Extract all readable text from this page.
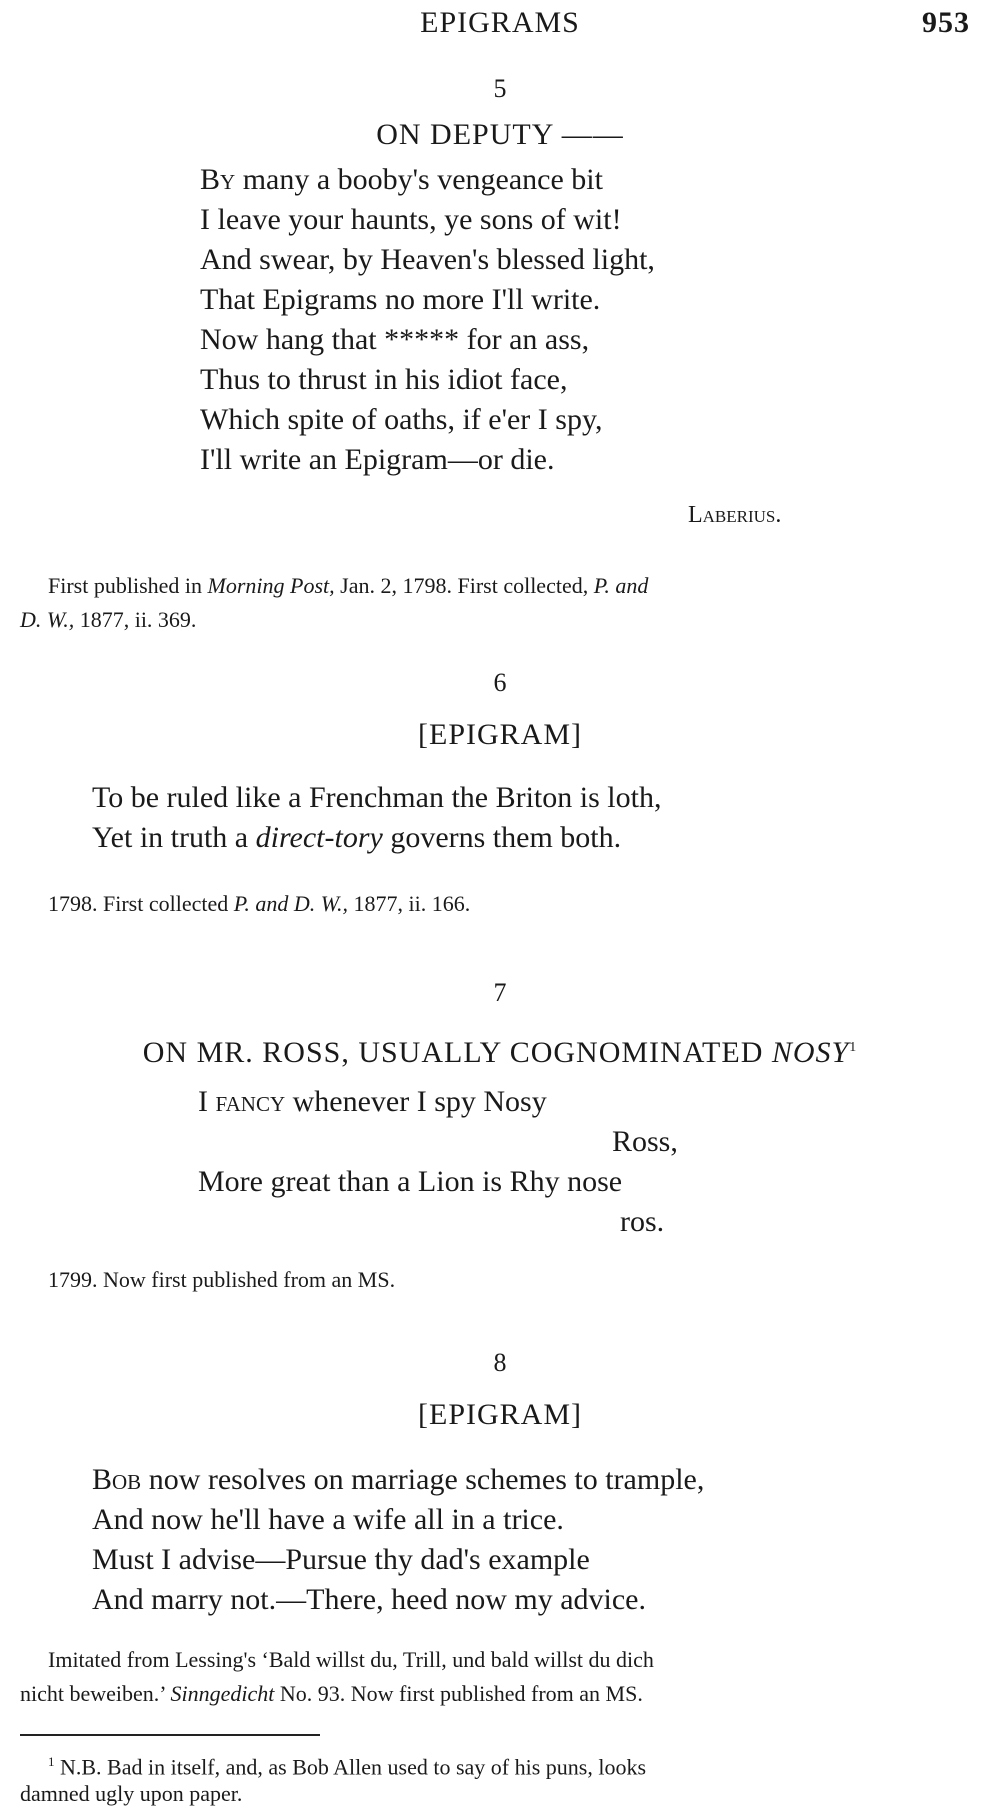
EPIGRAMS	953
5
ON DEPUTY ——
By many a booby's vengeance bit
I leave your haunts, ye sons of wit!
And swear, by Heaven's blessed light,
That Epigrams no more I'll write.
Now hang that ***** for an ass,
Thus to thrust in his idiot face,
Which spite of oaths, if e'er I spy,
I'll write an Epigram—or die.
Laberius.
First published in Morning Post, Jan. 2, 1798. First collected, P. and
D. W., 1877, ii. 369.
6
[EPIGRAM]
To be ruled like a Frenchman the Briton is loth,
Yet in truth a direct-tory governs them both.
1798. First collected P. and D. W., 1877, ii. 166.
7
ON MR. ROSS, USUALLY COGNOMINATED NOSY$^1$
I fancy whenever I spy Nosy
Ross,
More great than a Lion is Rhy nose
ros.
1799. Now first published from an MS.
8
[EPIGRAM]
Bob now resolves on marriage schemes to trample,
And now he'll have a wife all in a trice.
Must I advise—Pursue thy dad's example
And marry not.—There, heed now my advice.
Imitated from Lessing's ‘Bald willst du, Trill, und bald willst du dich
nicht beweiben.’ Sinngedicht No. 93. Now first published from an MS.
$^1$ N.B. Bad in itself, and, as Bob Allen used to say of his puns, looks
damned ugly upon paper.
